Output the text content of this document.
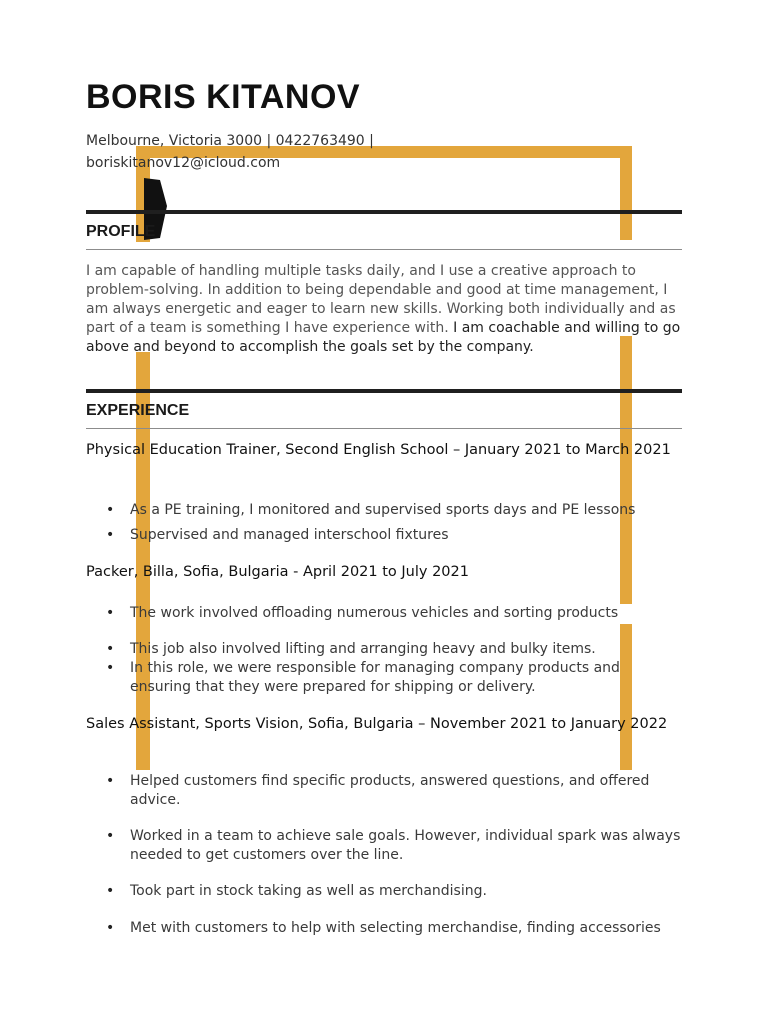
BORIS KITANOV
Melbourne, Victoria 3000 | 0422763490 |
boriskitanov12@icloud.com
PROFILE

I am capable of handling multiple tasks daily, and I use a creative approach to problem-solving. In addition to being dependable and good at time management, I am always energetic and eager to learn new skills. Working both individually and as part of a team is something I have experience with. I am coachable and willing to go above and beyond to accomplish the goals set by the company.

EXPERIENCE
Physical Education Trainer, Second English School – January 2021 to March 2021
• As a PE training, I monitored and supervised sports days and PE lessons
• Supervised and managed interschool fixtures
Packer, Billa, Sofia, Bulgaria - April 2021 to July 2021
• The work involved offloading numerous vehicles and sorting products
• This job also involved lifting and arranging heavy and bulky items.
• In this role, we were responsible for managing company products and ensuring that they were prepared for shipping or delivery.
Sales Assistant, Sports Vision, Sofia, Bulgaria – November 2021 to January 2022
• Helped customers find specific products, answered questions, and offered advice.
• Worked in a team to achieve sale goals. However, individual spark was always needed to get customers over the line.
• Took part in stock taking as well as merchandising.
• Met with customers to help with selecting merchandise, finding accessories
